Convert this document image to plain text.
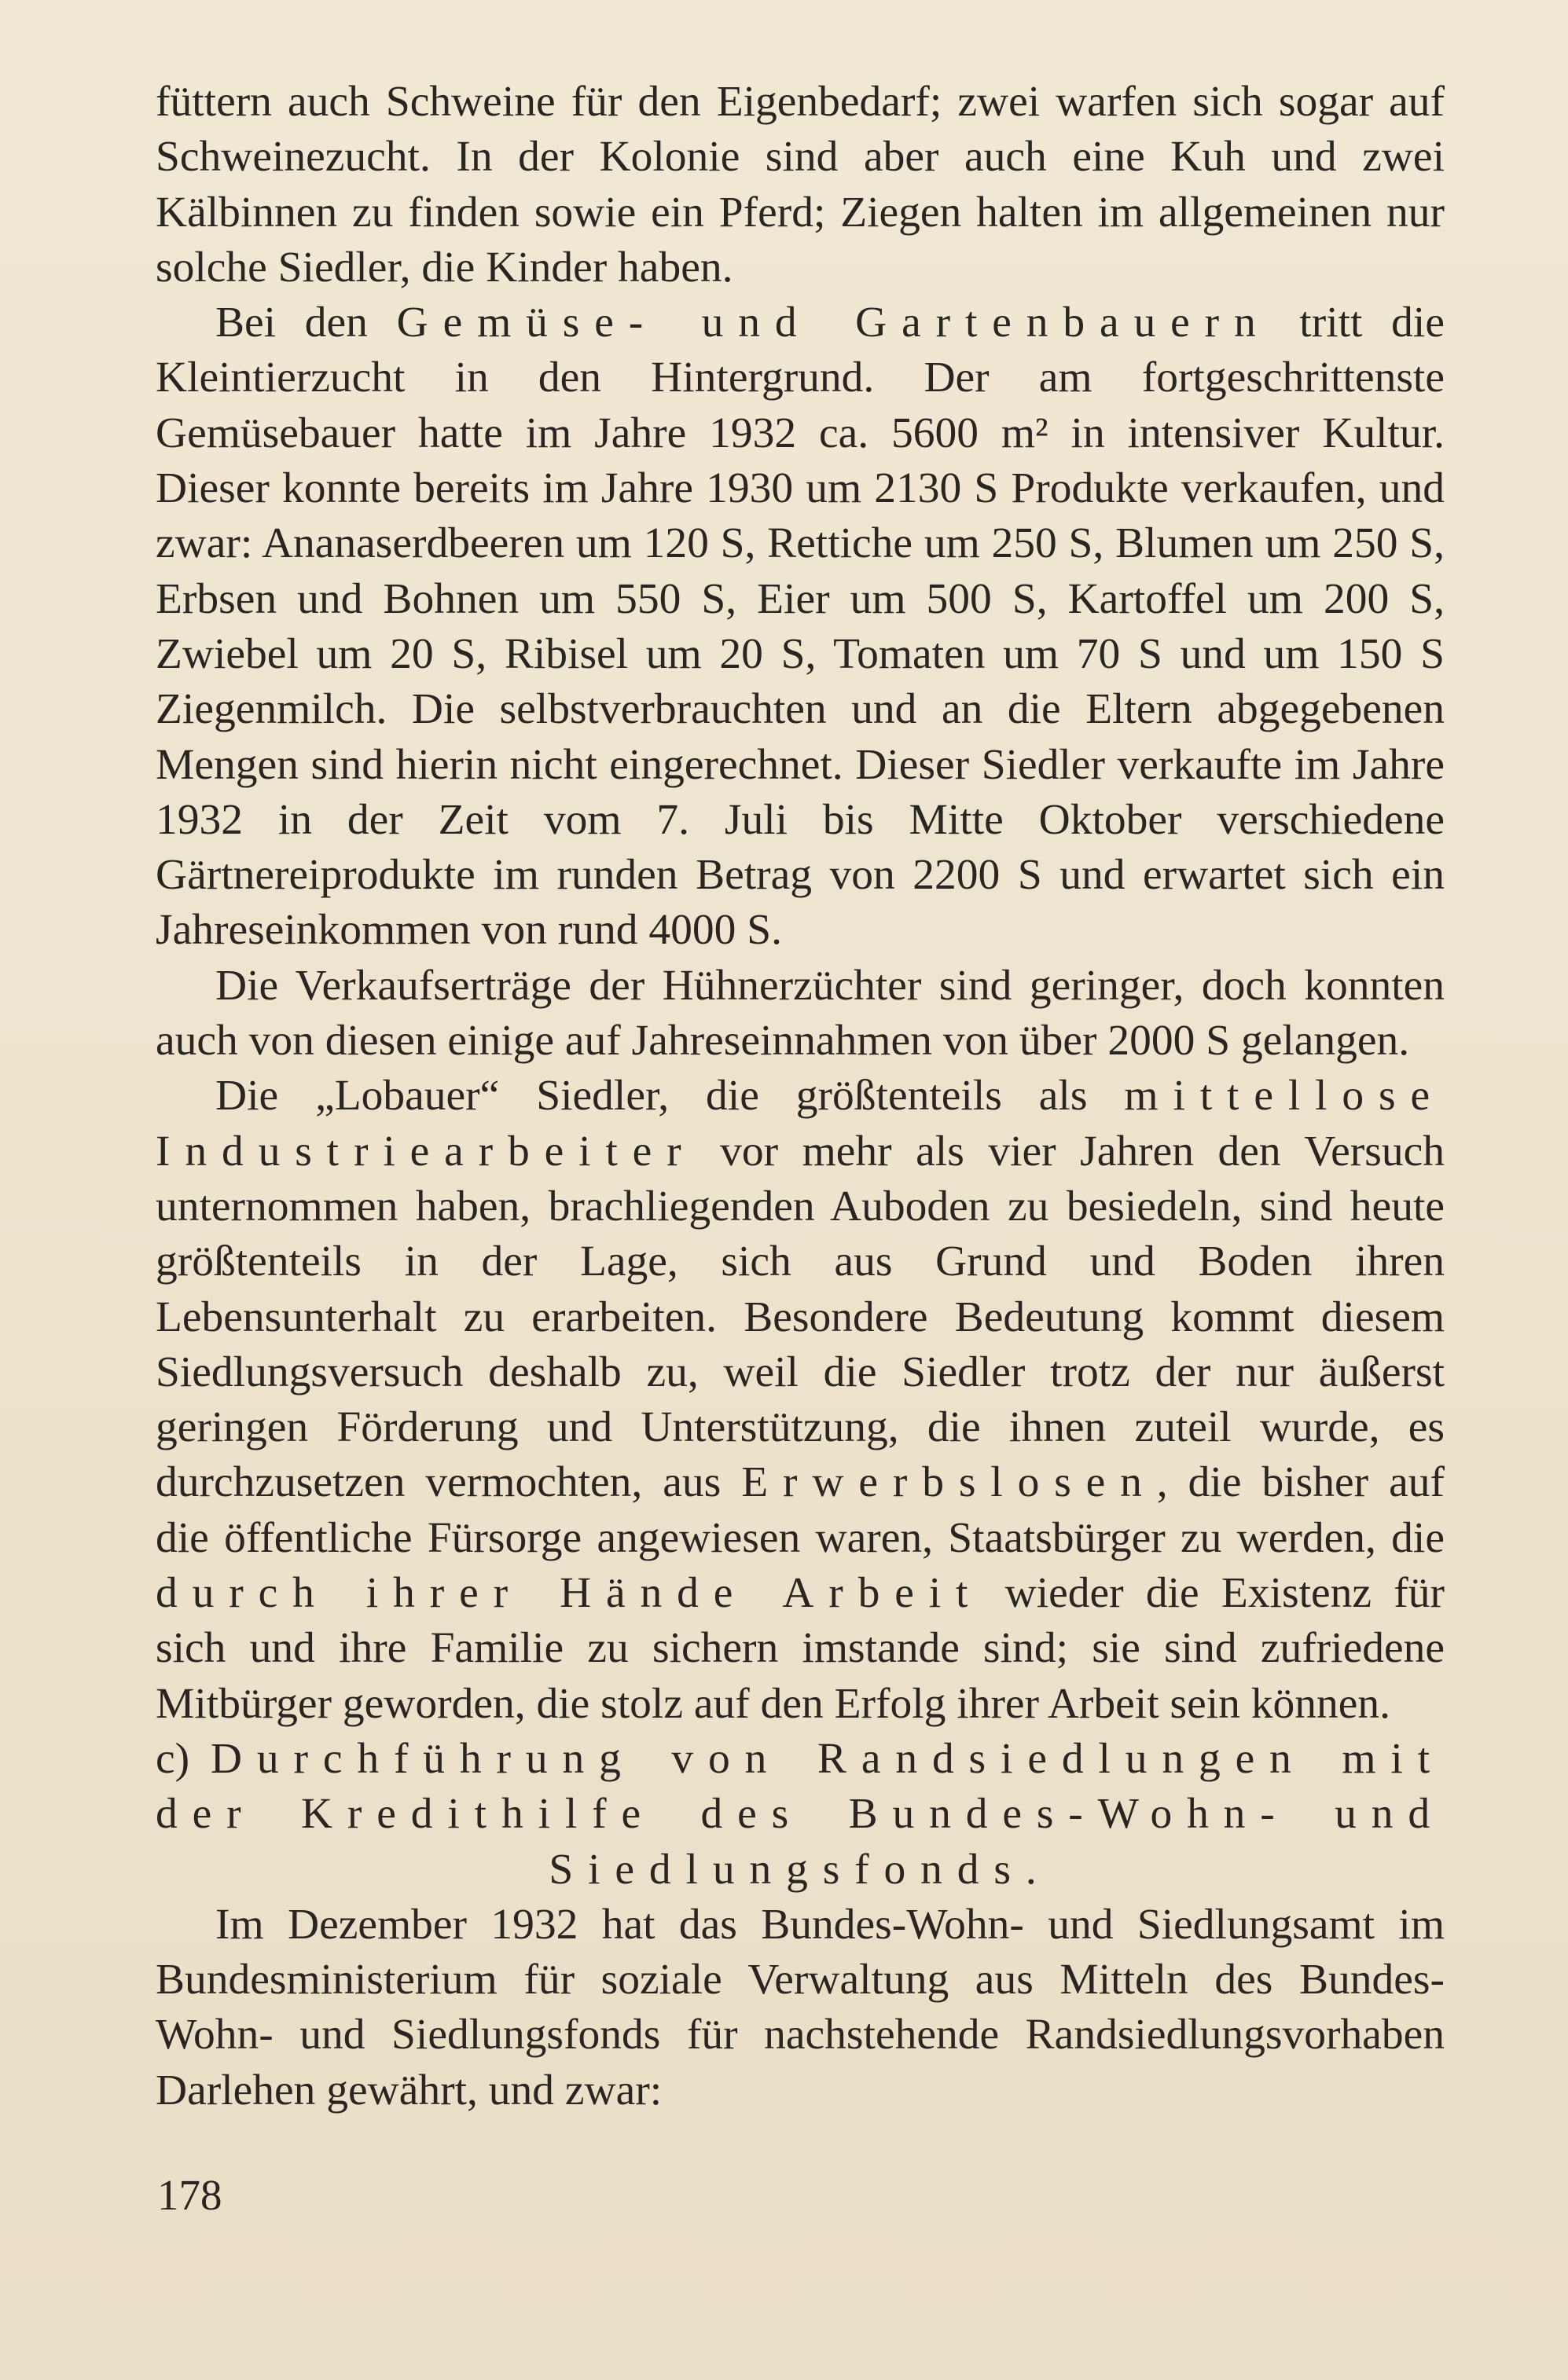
füttern auch Schweine für den Eigenbedarf; zwei warfen sich sogar auf Schweinezucht. In der Kolonie sind aber auch eine Kuh und zwei Kälbinnen zu finden sowie ein Pferd; Ziegen halten im allgemeinen nur solche Siedler, die Kinder haben.

Bei den Gemüse- und Gartenbauern tritt die Kleintierzucht in den Hintergrund. Der am fortgeschrittenste Gemüsebauer hatte im Jahre 1932 ca. 5600 m² in intensiver Kultur. Dieser konnte bereits im Jahre 1930 um 2130 S Produkte verkaufen, und zwar: Ananaserdbeeren um 120 S, Rettiche um 250 S, Blumen um 250 S, Erbsen und Bohnen um 550 S, Eier um 500 S, Kartoffel um 200 S, Zwiebel um 20 S, Ribisel um 20 S, Tomaten um 70 S und um 150 S Ziegenmilch. Die selbstverbrauchten und an die Eltern abgegebenen Mengen sind hierin nicht eingerechnet. Dieser Siedler verkaufte im Jahre 1932 in der Zeit vom 7. Juli bis Mitte Oktober verschiedene Gärtnereiprodukte im runden Betrag von 2200 S und erwartet sich ein Jahreseinkommen von rund 4000 S.

Die Verkaufserträge der Hühnerzüchter sind geringer, doch konnten auch von diesen einige auf Jahreseinnahmen von über 2000 S gelangen.

Die „Lobauer“ Siedler, die größtenteils als mittellose Industriearbeiter vor mehr als vier Jahren den Versuch unternommen haben, brachliegenden Auboden zu besiedeln, sind heute größtenteils in der Lage, sich aus Grund und Boden ihren Lebensunterhalt zu erarbeiten. Besondere Bedeutung kommt diesem Siedlungsversuch deshalb zu, weil die Siedler trotz der nur äußerst geringen Förderung und Unterstützung, die ihnen zuteil wurde, es durchzusetzen vermochten, aus Erwerbslosen, die bisher auf die öffentliche Fürsorge angewiesen waren, Staatsbürger zu werden, die durch ihrer Hände Arbeit wieder die Existenz für sich und ihre Familie zu sichern imstande sind; sie sind zufriedene Mitbürger geworden, die stolz auf den Erfolg ihrer Arbeit sein können.

c) Durchführung von Randsiedlungen mit der Kredithilfe des Bundes-Wohn- und Siedlungsfonds.

Im Dezember 1932 hat das Bundes-Wohn- und Siedlungsamt im Bundesministerium für soziale Verwaltung aus Mitteln des Bundes-Wohn- und Siedlungsfonds für nachstehende Randsiedlungsvorhaben Darlehen gewährt, und zwar:

178
